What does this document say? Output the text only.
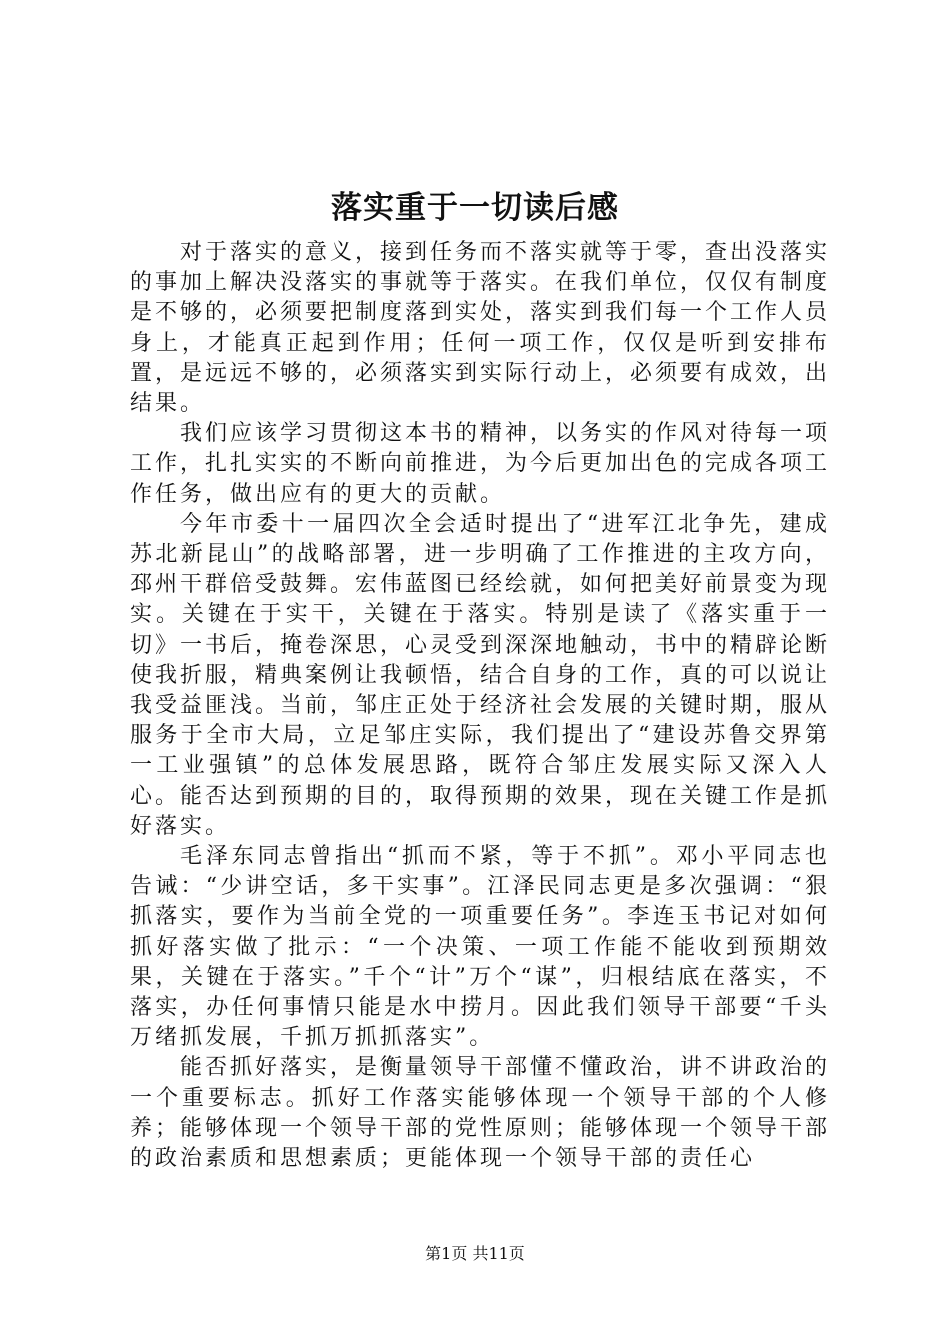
落实重于一切读后感

对于落实的意义，接到任务而不落实就等于零，查出没落实的事加上解决没落实的事就等于落实。在我们单位，仅仅有制度是不够的，必须要把制度落到实处，落实到我们每一个工作人员身上，才能真正起到作用；任何一项工作，仅仅是听到安排布置，是远远不够的，必须落实到实际行动上，必须要有成效，出结果。

我们应该学习贯彻这本书的精神，以务实的作风对待每一项工作，扎扎实实的不断向前推进，为今后更加出色的完成各项工作任务，做出应有的更大的贡献。

今年市委十一届四次全会适时提出了“进军江北争先，建成苏北新昆山”的战略部署，进一步明确了工作推进的主攻方向，邳州干群倍受鼓舞。宏伟蓝图已经绘就，如何把美好前景变为现实。关键在于实干，关键在于落实。特别是读了《落实重于一切》一书后，掩卷深思，心灵受到深深地触动，书中的精辟论断使我折服，精典案例让我顿悟，结合自身的工作，真的可以说让我受益匪浅。当前，邹庄正处于经济社会发展的关键时期，服从服务于全市大局，立足邹庄实际，我们提出了“建设苏鲁交界第一工业强镇”的总体发展思路，既符合邹庄发展实际又深入人心。能否达到预期的目的，取得预期的效果，现在关键工作是抓好落实。

毛泽东同志曾指出“抓而不紧，等于不抓”。邓小平同志也告诫：“少讲空话，多干实事”。江泽民同志更是多次强调：“狠抓落实，要作为当前全党的一项重要任务”。李连玉书记对如何抓好落实做了批示：“一个决策、一项工作能不能收到预期效果，关键在于落实。”千个“计”万个“谋”，归根结底在落实，不落实，办任何事情只能是水中捞月。因此我们领导干部要“千头万绪抓发展，千抓万抓抓落实”。

能否抓好落实，是衡量领导干部懂不懂政治，讲不讲政治的一个重要标志。抓好工作落实能够体现一个领导干部的个人修养；能够体现一个领导干部的党性原则；能够体现一个领导干部的政治素质和思想素质；更能体现一个领导干部的责任心

第1页 共11页
